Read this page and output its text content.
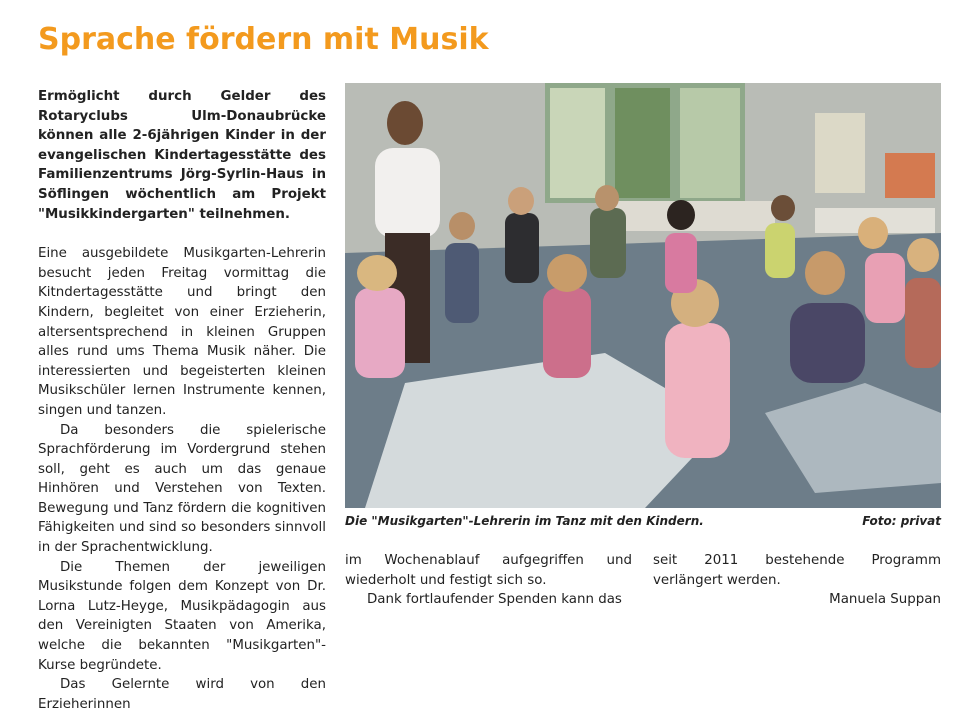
Sprache fördern mit Musik

Ermöglicht durch Gelder des Rotaryclubs Ulm-Donaubrücke können alle 2-6jährigen Kinder in der evangelischen Kindertagesstätte des Familienzentrums Jörg-Syrlin-Haus in Söflingen wöchentlich am Projekt "Musikkindergarten" teilnehmen.

Eine ausgebildete Musikgarten-Lehrerin besucht jeden Freitag vormittag die Kitndertagesstätte und bringt den Kindern, begleitet von einer Erzieherin, altersentsprechend in kleinen Gruppen alles rund ums Thema Musik näher. Die interessierten und begeisterten kleinen Musikschüler lernen Instrumente kennen, singen und tanzen.

Da besonders die spielerische Sprachförderung im Vordergrund stehen soll, geht es auch um das genaue Hinhören und Verstehen von Texten. Bewegung und Tanz fördern die kognitiven Fähigkeiten und sind so besonders sinnvoll in der Sprachentwicklung.

Die Themen der jeweiligen Musikstunde folgen dem Konzept von Dr. Lorna Lutz-Heyge, Musikpädagogin aus den Vereinigten Staaten von Amerika, welche die bekannten "Musikgarten"-Kurse begründete.

Das Gelernte wird von den Erzieherinnen

Die "Musikgarten"-Lehrerin im Tanz mit den Kindern.	Foto: privat

im Wochenablauf aufgegriffen und wiederholt und festigt sich so.

Dank fortlaufender Spenden kann das

seit 2011 bestehende Programm verlängert werden.

Manuela Suppan
